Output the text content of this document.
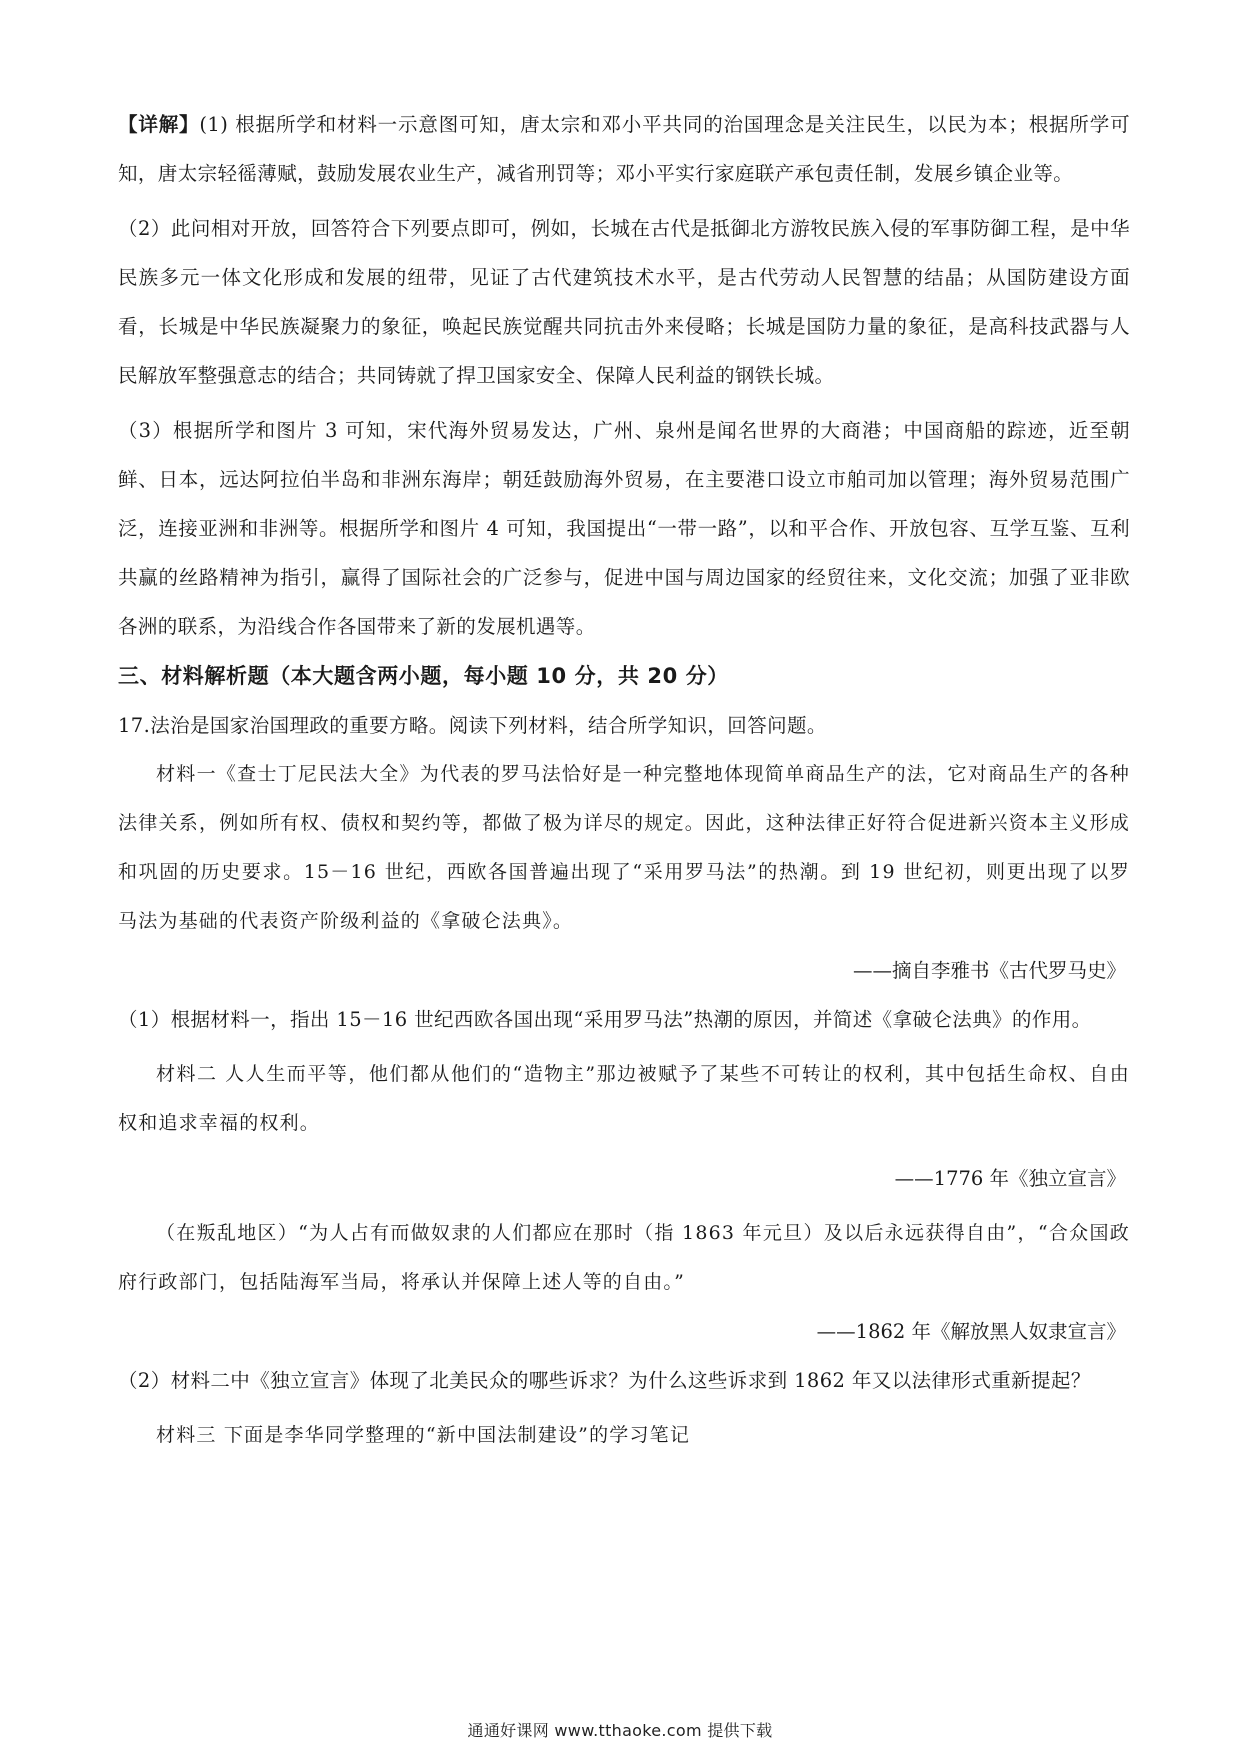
【详解】(1) 根据所学和材料一示意图可知，唐太宗和邓小平共同的治国理念是关注民生，以民为本；根据所学可知，唐太宗轻徭薄赋，鼓励发展农业生产，减省刑罚等；邓小平实行家庭联产承包责任制，发展乡镇企业等。

（2）此问相对开放，回答符合下列要点即可，例如，长城在古代是抵御北方游牧民族入侵的军事防御工程，是中华民族多元一体文化形成和发展的纽带，见证了古代建筑技术水平，是古代劳动人民智慧的结晶；从国防建设方面看，长城是中华民族凝聚力的象征，唤起民族觉醒共同抗击外来侵略；长城是国防力量的象征，是高科技武器与人民解放军整强意志的结合；共同铸就了捍卫国家安全、保障人民利益的钢铁长城。

（3）根据所学和图片 3 可知，宋代海外贸易发达，广州、泉州是闻名世界的大商港；中国商船的踪迹，近至朝鲜、日本，远达阿拉伯半岛和非洲东海岸；朝廷鼓励海外贸易，在主要港口设立市舶司加以管理；海外贸易范围广泛，连接亚洲和非洲等。根据所学和图片 4 可知，我国提出“一带一路”，以和平合作、开放包容、互学互鉴、互利共赢的丝路精神为指引，赢得了国际社会的广泛参与，促进中国与周边国家的经贸往来，文化交流；加强了亚非欧各洲的联系，为沿线合作各国带来了新的发展机遇等。

三、材料解析题（本大题含两小题，每小题 10 分，共 20 分）

17.法治是国家治国理政的重要方略。阅读下列材料，结合所学知识，回答问题。

材料一《查士丁尼民法大全》为代表的罗马法恰好是一种完整地体现简单商品生产的法，它对商品生产的各种法律关系，例如所有权、债权和契约等，都做了极为详尽的规定。因此，这种法律正好符合促进新兴资本主义形成和巩固的历史要求。15－16 世纪，西欧各国普遍出现了“采用罗马法”的热潮。到 19 世纪初，则更出现了以罗马法为基础的代表资产阶级利益的《拿破仑法典》。

——摘自李雅书《古代罗马史》

（1）根据材料一，指出 15－16 世纪西欧各国出现“采用罗马法”热潮的原因，并简述《拿破仑法典》的作用。

材料二 人人生而平等，他们都从他们的“造物主”那边被赋予了某些不可转让的权利，其中包括生命权、自由权和追求幸福的权利。

——1776 年《独立宣言》

（在叛乱地区）“为人占有而做奴隶的人们都应在那时（指 1863 年元旦）及以后永远获得自由”，“合众国政府行政部门，包括陆海军当局，将承认并保障上述人等的自由。”

——1862 年《解放黑人奴隶宣言》

（2）材料二中《独立宣言》体现了北美民众的哪些诉求？为什么这些诉求到 1862 年又以法律形式重新提起？

材料三 下面是李华同学整理的“新中国法制建设”的学习笔记

通通好课网 www.tthaoke.com 提供下载
